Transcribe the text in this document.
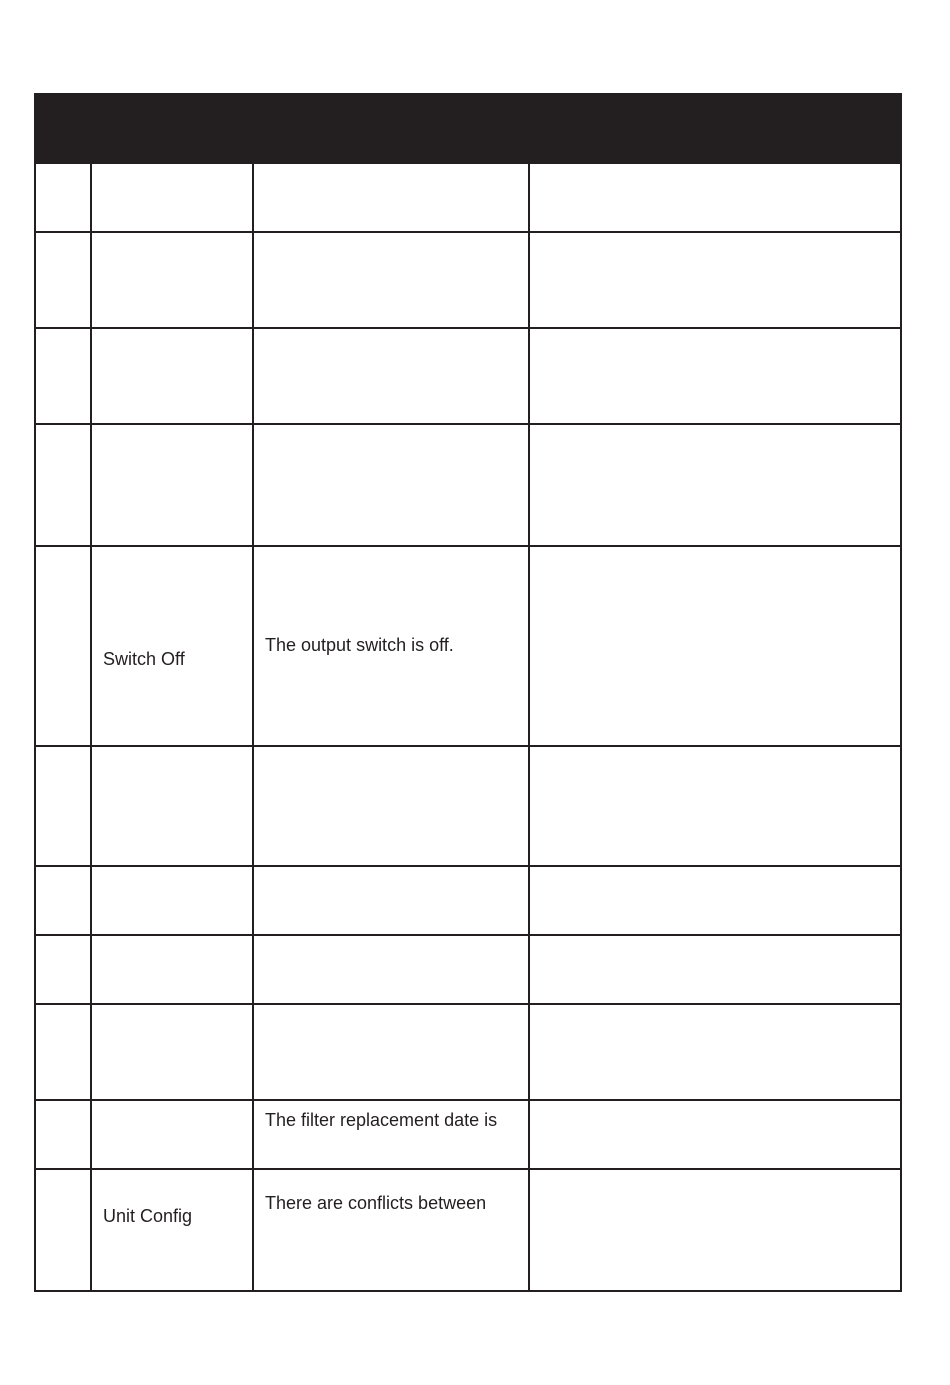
	Switch Off	The output switch is off.	

		The filter replacement date is	

	Unit Config	There are conflicts between	
